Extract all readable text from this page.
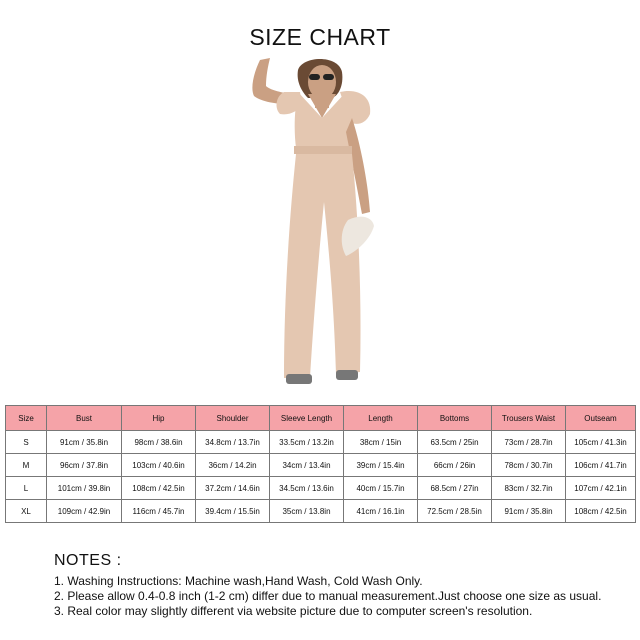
SIZE CHART
Size	Bust	Hip	Shoulder	Sleeve Length	Length	Bottoms	Trousers Waist	Outseam
S	91cm / 35.8in	98cm / 38.6in	34.8cm / 13.7in	33.5cm / 13.2in	38cm / 15in	63.5cm / 25in	73cm / 28.7in	105cm / 41.3in
M	96cm / 37.8in	103cm / 40.6in	36cm / 14.2in	34cm / 13.4in	39cm / 15.4in	66cm / 26in	78cm / 30.7in	106cm / 41.7in
L	101cm / 39.8in	108cm / 42.5in	37.2cm / 14.6in	34.5cm / 13.6in	40cm / 15.7in	68.5cm / 27in	83cm / 32.7in	107cm / 42.1in
XL	109cm / 42.9in	116cm / 45.7in	39.4cm / 15.5in	35cm / 13.8in	41cm / 16.1in	72.5cm / 28.5in	91cm / 35.8in	108cm / 42.5in
NOTES :
1. Washing Instructions: Machine wash,Hand Wash, Cold Wash Only.
2. Please allow 0.4-0.8 inch (1-2 cm) differ due to manual measurement.Just choose one size as usual.
3. Real color may slightly different via website picture due to computer screen's resolution.
